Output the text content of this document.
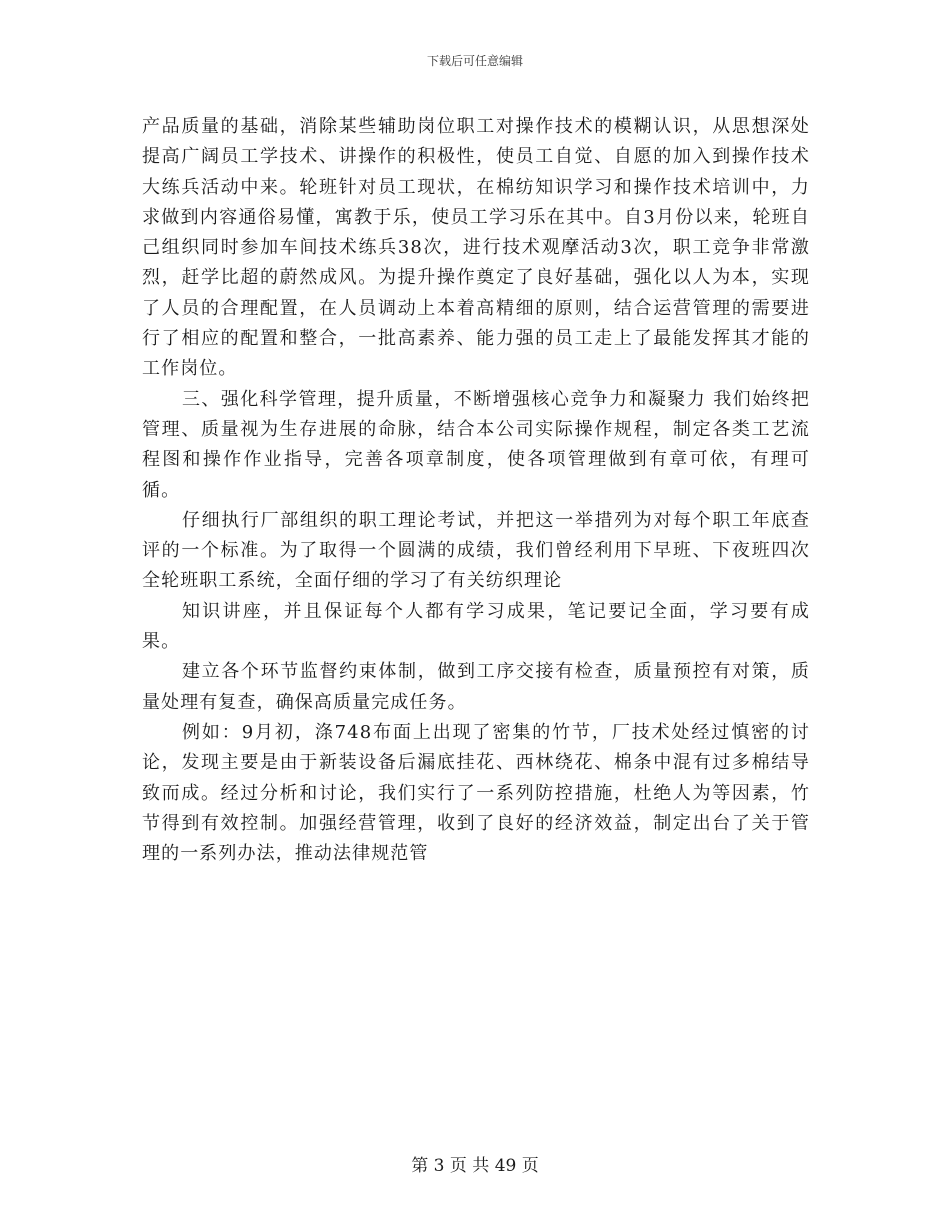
下载后可任意编辑

产品质量的基础，消除某些辅助岗位职工对操作技术的模糊认识，从思想深处提高广阔员工学技术、讲操作的积极性，使员工自觉、自愿的加入到操作技术大练兵活动中来。轮班针对员工现状，在棉纺知识学习和操作技术培训中，力求做到内容通俗易懂，寓教于乐，使员工学习乐在其中。自3月份以来，轮班自己组织同时参加车间技术练兵38次，进行技术观摩活动3次，职工竞争非常激烈，赶学比超的蔚然成风。为提升操作奠定了良好基础，强化以人为本，实现了人员的合理配置，在人员调动上本着高精细的原则，结合运营管理的需要进行了相应的配置和整合，一批高素养、能力强的员工走上了最能发挥其才能的工作岗位。

三、强化科学管理，提升质量，不断增强核心竞争力和凝聚力 我们始终把管理、质量视为生存进展的命脉，结合本公司实际操作规程，制定各类工艺流程图和操作作业指导，完善各项章制度，使各项管理做到有章可依，有理可循。

仔细执行厂部组织的职工理论考试，并把这一举措列为对每个职工年底查评的一个标准。为了取得一个圆满的成绩，我们曾经利用下早班、下夜班四次全轮班职工系统，全面仔细的学习了有关纺织理论

知识讲座，并且保证每个人都有学习成果，笔记要记全面，学习要有成果。

建立各个环节监督约束体制，做到工序交接有检查，质量预控有对策，质量处理有复查，确保高质量完成任务。

例如：9月初，涤748布面上出现了密集的竹节，厂技术处经过慎密的讨论，发现主要是由于新装设备后漏底挂花、西林绕花、棉条中混有过多棉结导致而成。经过分析和讨论，我们实行了一系列防控措施，杜绝人为等因素，竹节得到有效控制。加强经营管理，收到了良好的经济效益，制定出台了关于管理的一系列办法，推动法律规范管

第 3 页 共 49 页
